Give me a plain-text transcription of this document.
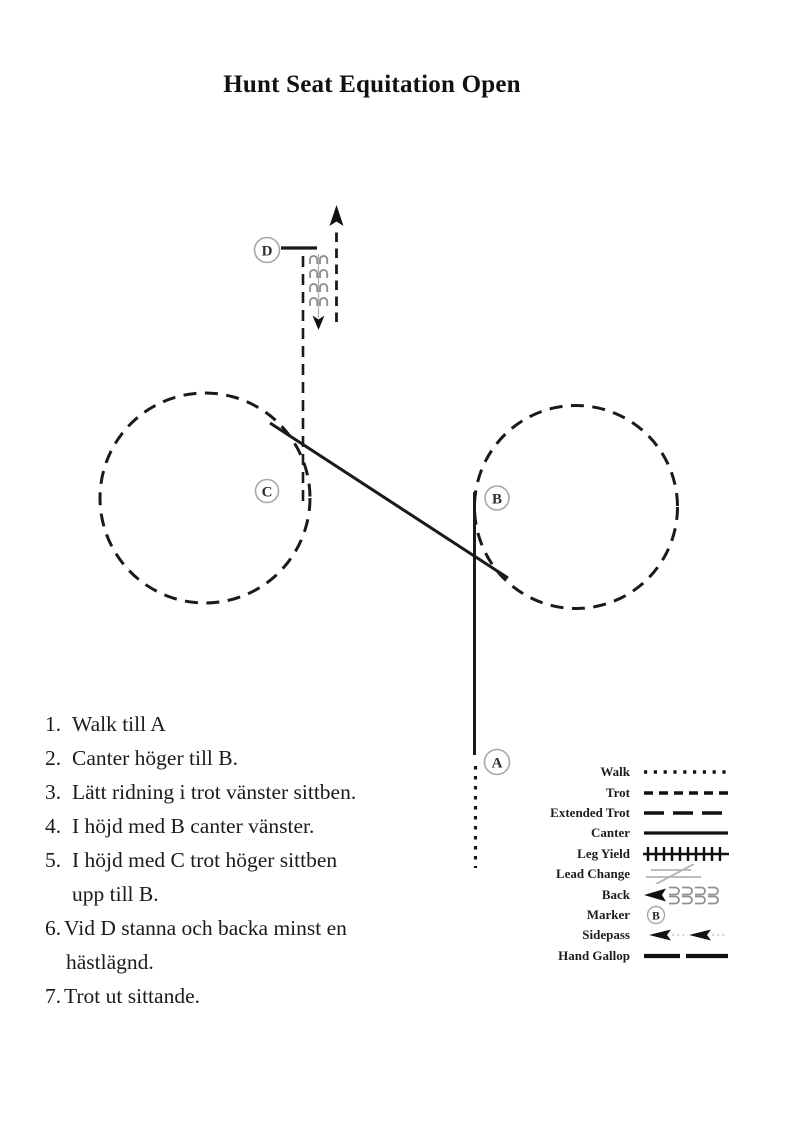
Hunt Seat Equitation Open
D
C	B
A
1. Walk till A
2. Canter höger till B.
3. Lätt ridning i trot vänster sittben.
4. I höjd med B canter vänster.
5. I höjd med C trot höger sittben
upp till B.
6. Vid D stanna och backa minst en
hästlägnd.
7. Trot ut sittande.
Walk
Trot
Extended Trot
Canter
Leg Yield
Lead Change
Back
Marker	B
Sidepass
Hand Gallop
